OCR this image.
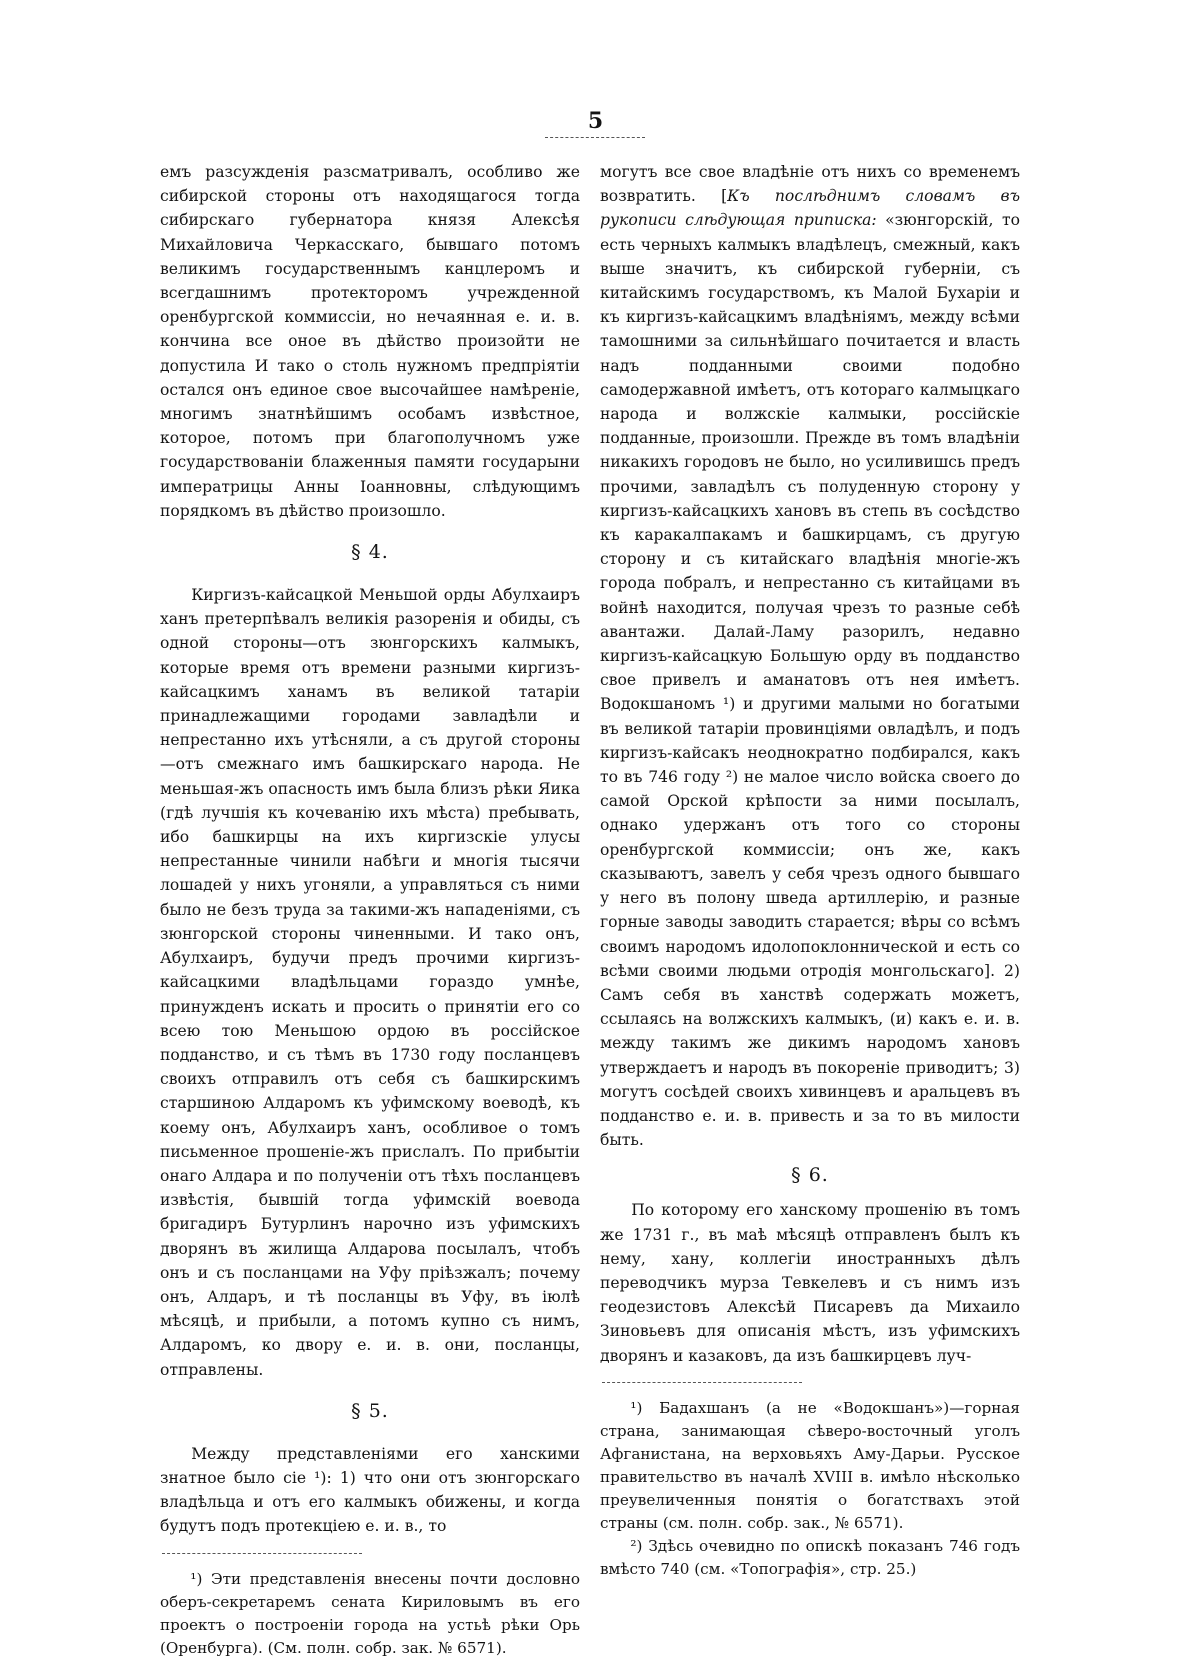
5

емъ разсужденія разсматривалъ, особливо же сибирской стороны отъ находящагося тогда сибирскаго губернатора князя Алексѣя Михайловича Черкасскаго, бывшаго потомъ великимъ государственнымъ канцлеромъ и всегдашнимъ протекторомъ учрежденной оренбургской коммиссіи, но нечаянная е. и. в. кончина все оное въ дѣйство произойти не допустила И тако о столь нужномъ предпріятіи остался онъ единое свое высочайшее намѣреніе, многимъ знатнѣйшимъ особамъ извѣстное, которое, потомъ при благополучномъ уже государствованіи блаженныя памяти государыни императрицы Анны Іоанновны, слѣдующимъ порядкомъ въ дѣйство произошло.

§ 4.

Киргизъ-кайсацкой Меньшой орды Абулхаиръ ханъ претерпѣвалъ великія разоренія и обиды, съ одной стороны—отъ зюнгорскихъ калмыкъ, которые время отъ времени разными киргизъ-кайсацкимъ ханамъ въ великой татаріи принадлежащими городами завладѣли и непрестанно ихъ утѣсняли, а съ другой стороны —отъ смежнаго имъ башкирскаго народа. Не меньшая-жъ опасность имъ была близъ рѣки Яика (гдѣ лучшія къ кочеванію ихъ мѣста) пребывать, ибо башкирцы на ихъ киргизскіе улусы непрестанные чинили набѣги и многія тысячи лошадей у нихъ угоняли, а управляться съ ними было не безъ труда за такими-жъ нападеніями, съ зюнгорской стороны чиненными. И тако онъ, Абулхаиръ, будучи предъ прочими киргизъ-кайсацкими владѣльцами гораздо умнѣе, принужденъ искать и просить о принятіи его со всею тою Меньшою ордою въ россійское подданство, и съ тѣмъ въ 1730 году посланцевъ своихъ отправилъ отъ себя съ башкирскимъ старшиною Алдаромъ къ уфимскому воеводѣ, къ коему онъ, Абулхаиръ ханъ, особливое о томъ письменное прошеніе-жъ прислалъ. По прибытіи онаго Алдара и по полученіи отъ тѣхъ посланцевъ извѣстія, бывшій тогда уфимскій воевода бригадиръ Бутурлинъ нарочно изъ уфимскихъ дворянъ въ жилища Алдарова посылалъ, чтобъ онъ и съ посланцами на Уфу пріѣзжалъ; почему онъ, Алдаръ, и тѣ посланцы въ Уфу, въ іюлѣ мѣсяцѣ, и прибыли, а потомъ купно съ нимъ, Алдаромъ, ко двору е. и. в. они, посланцы, отправлены.

§ 5.

Между представленіями его ханскими знатное было сіе ¹): 1) что они отъ зюнгорскаго владѣльца и отъ его калмыкъ обижены, и когда будутъ подъ протекціею е. и. в., то

¹) Эти представленія внесены почти дословно оберъ-секретаремъ сената Кириловымъ въ его проектъ о построеніи города на устьѣ рѣки Орь (Оренбурга). (См. полн. собр. зак. № 6571).

могутъ все свое владѣніе отъ нихъ со временемъ возвратить. [Къ послѣднимъ словамъ въ рукописи слѣдующая приписка: «зюнгорскій, то есть черныхъ калмыкъ владѣлецъ, смежный, какъ выше значитъ, къ сибирской губерніи, съ китайскимъ государствомъ, къ Малой Бухаріи и къ киргизъ-кайсацкимъ владѣніямъ, между всѣми тамошними за сильнѣйшаго почитается и власть надъ подданными своими подобно самодержавной имѣетъ, отъ котораго калмыцкаго народа и волжскіе калмыки, россійскіе подданные, произошли. Прежде въ томъ владѣніи никакихъ городовъ не было, но усиливишсь предъ прочими, завладѣлъ съ полуденную сторону у киргизъ-кайсацкихъ хановъ въ степь въ сосѣдство къ каракалпакамъ и башкирцамъ, съ другую сторону и съ китайскаго владѣнія многіе-жъ города побралъ, и непрестанно съ китайцами въ войнѣ находится, получая чрезъ то разные себѣ авантажи. Далай-Ламу разорилъ, недавно киргизъ-кайсацкую Большую орду въ подданство свое привелъ и аманатовъ отъ нея имѣетъ. Водокшаномъ ¹) и другими малыми но богатыми въ великой татаріи провинціями овладѣлъ, и подъ киргизъ-кайсакъ неоднократно подбирался, какъ то въ 746 году ²) не малое число войска своего до самой Орской крѣпости за ними посылалъ, однако удержанъ отъ того со стороны оренбургской коммиссіи; онъ же, какъ сказываютъ, завелъ у себя чрезъ одного бывшаго у него въ полону шведа артиллерію, и разные горные заводы заводить старается; вѣры со всѣмъ своимъ народомъ идолопоклоннической и есть со всѣми своими людьми отродія монгольскаго]. 2) Самъ себя въ ханствѣ содержать можетъ, ссылаясь на волжскихъ калмыкъ, (и) какъ е. и. в. между такимъ же дикимъ народомъ хановъ утверждаетъ и народъ въ покореніе приводитъ; 3) могутъ сосѣдей своихъ хивинцевъ и аральцевъ въ подданство е. и. в. привесть и за то въ милости быть.

§ 6.

По которому его ханскому прошенію въ томъ же 1731 г., въ маѣ мѣсяцѣ отправленъ былъ къ нему, хану, коллегіи иностранныхъ дѣлъ переводчикъ мурза Тевкелевъ и съ нимъ изъ геодезистовъ Алексѣй Писаревъ да Михаило Зиновьевъ для описанія мѣстъ, изъ уфимскихъ дворянъ и казаковъ, да изъ башкирцевъ луч-

¹) Бадахшанъ (а не «Водокшанъ»)—горная страна, занимающая сѣверо-восточный уголъ Афганистана, на верховьяхъ Аму-Дарьи. Русское правительство въ началѣ XVIII в. имѣло нѣсколько преувеличенныя понятія о богатствахъ этой страны (см. полн. собр. зак., № 6571).

²) Здѣсь очевидно по опискѣ показанъ 746 годъ вмѣсто 740 (см. «Топографія», стр. 25.)
